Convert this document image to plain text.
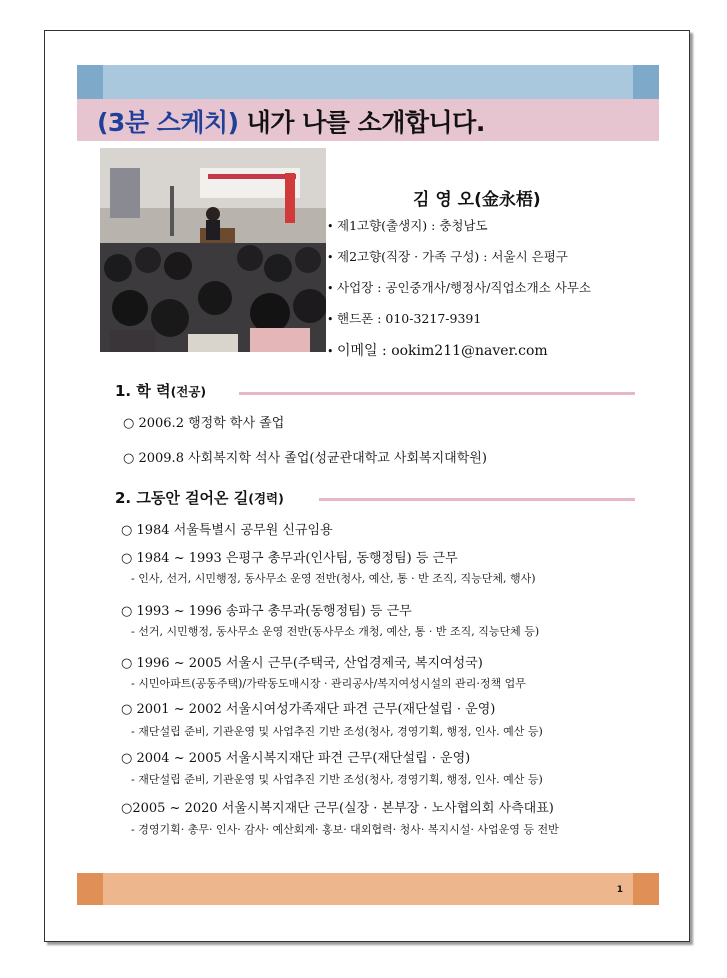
(3분 스케치) 내가 나를 소개합니다.
김 영 오(金永梧)
• 제1고향(출생지) : 충청남도
• 제2고향(직장 · 가족 구성) : 서울시 은평구
• 사업장 : 공인중개사/행정사/직업소개소 사무소
• 핸드폰 : 010-3217-9391
• 이메일 : ookim211@naver.com
1. 학 력(전공)
○ 2006.2 행정학 학사 졸업
○ 2009.8 사회복지학 석사 졸업(성균관대학교 사회복지대학원)
2. 그동안 걸어온 길(경력)
○ 1984 서울특별시 공무원 신규임용
○ 1984 ~ 1993 은평구 총무과(인사팀, 동행정팀) 등 근무
- 인사, 선거, 시민행정, 동사무소 운영 전반(청사, 예산, 통 · 반 조직, 직능단체, 행사)
○ 1993 ~ 1996 송파구 총무과(동행정팀) 등 근무
- 선거, 시민행정, 동사무소 운영 전반(동사무소 개청, 예산, 통 · 반 조직, 직능단체 등)
○ 1996 ~ 2005 서울시 근무(주택국, 산업경제국, 복지여성국)
- 시민아파트(공동주택)/가락동도매시장 · 관리공사/복지여성시설의 관리·정책 업무
○ 2001 ~ 2002 서울시여성가족재단 파견 근무(재단설립 · 운영)
- 재단설립 준비, 기관운영 및 사업추진 기반 조성(청사, 경영기획, 행정, 인사. 예산 등)
○ 2004 ~ 2005 서울시복지재단 파견 근무(재단설립 · 운영)
- 재단설립 준비, 기관운영 및 사업추진 기반 조성(청사, 경영기획, 행정, 인사. 예산 등)
○2005 ~ 2020 서울시복지재단 근무(실장 · 본부장 · 노사협의회 사측대표)
- 경영기획· 총무· 인사· 감사· 예산회계· 홍보· 대외협력· 청사· 복지시설· 사업운영 등 전반
1
